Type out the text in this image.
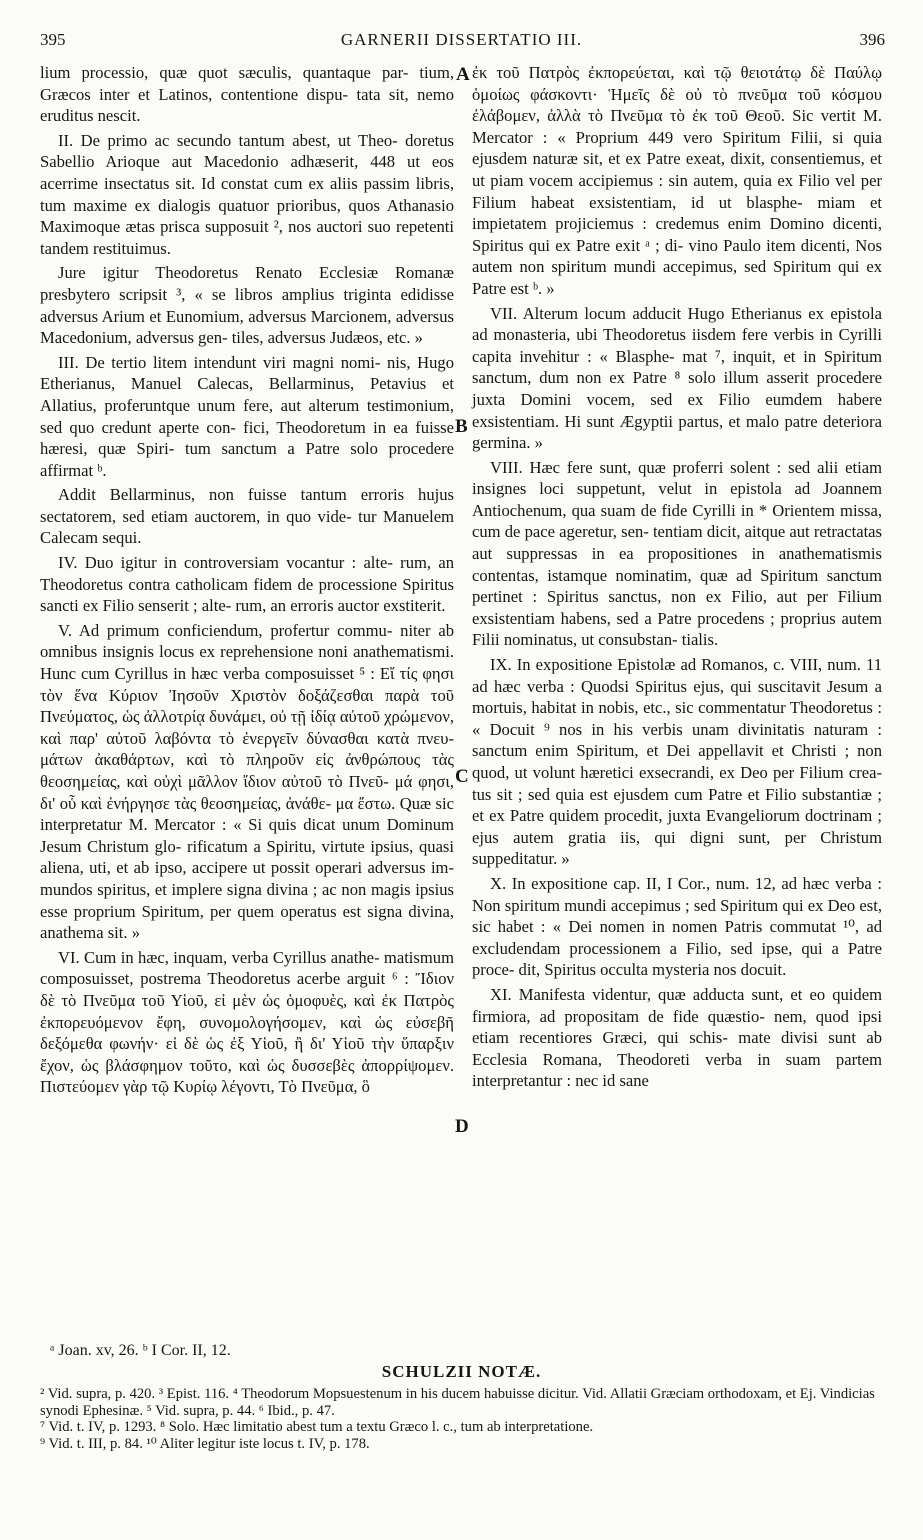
395	GARNERII DISSERTATIO III.	396
A
B
C
D

lium processio, quæ quot sæculis, quantaque par- tium, Græcos inter et Latinos, contentione dispu- tata sit, nemo eruditus nescit.

II. De primo ac secundo tantum abest, ut Theo- doretus Sabellio Arioque aut Macedonio adhæserit, 448 ut eos acerrime insectatus sit. Id constat cum ex aliis passim libris, tum maxime ex dialogis quatuor prioribus, quos Athanasio Maximoque ætas prisca supposuit ², nos auctori suo repetenti tandem restituimus.

Jure igitur Theodoretus Renato Ecclesiæ Romanæ presbytero scripsit ³, « se libros amplius triginta edidisse adversus Arium et Eunomium, adversus Marcionem, adversus Macedonium, adversus gen- tiles, adversus Judæos, etc. »

III. De tertio litem intendunt viri magni nomi- nis, Hugo Etherianus, Manuel Calecas, Bellarminus, Petavius et Allatius, proferuntque unum fere, aut alterum testimonium, sed quo credunt aperte con- fici, Theodoretum in ea fuisse hæresi, quæ Spiri- tum sanctum a Patre solo procedere affirmat ᵇ.

Addit Bellarminus, non fuisse tantum erroris hujus sectatorem, sed etiam auctorem, in quo vide- tur Manuelem Calecam sequi.

IV. Duo igitur in controversiam vocantur : alte- rum, an Theodoretus contra catholicam fidem de processione Spiritus sancti ex Filio senserit ; alte- rum, an erroris auctor exstiterit.

V. Ad primum conficiendum, profertur commu- niter ab omnibus insignis locus ex reprehensione noni anathematismi. Hunc cum Cyrillus in hæc verba composuisset ⁵ : Εἴ τίς φησι τὸν ἕνα Κύριον Ἰησοῦν Χριστὸν δοξάζεσθαι παρὰ τοῦ Πνεύματος, ὡς ἀλλοτρίᾳ δυνάμει, οὐ τῇ ἰδίᾳ αὐτοῦ χρώμενον, καὶ παρ' αὐτοῦ λαβόντα τὸ ἐνεργεῖν δύνασθαι κατὰ πνευ- μάτων ἀκαθάρτων, καὶ τὸ πληροῦν εἰς ἀνθρώπους τὰς θεοσημείας, καὶ οὐχὶ μᾶλλον ἴδιον αὐτοῦ τὸ Πνεῦ- μά φησι, δι' οὗ καὶ ἐνήργησε τὰς θεοσημείας, ἀνάθε- μα ἔστω. Quæ sic interpretatur M. Mercator : « Si quis dicat unum Dominum Jesum Christum glo- rificatum a Spiritu, virtute ipsius, quasi aliena, uti, et ab ipso, accipere ut possit operari adversus im- mundos spiritus, et implere signa divina ; ac non magis ipsius esse proprium Spiritum, per quem operatus est signa divina, anathema sit. »

VI. Cum in hæc, inquam, verba Cyrillus anathe- matismum composuisset, postrema Theodoretus acerbe arguit ⁶ : Ἴδιον δὲ τὸ Πνεῦμα τοῦ Υἱοῦ, εἰ μὲν ὡς ὁμοφυὲς, καὶ ἐκ Πατρὸς ἐκπορευόμενον ἔφη, συνομολογήσομεν, καὶ ὡς εὐσεβῆ δεξόμεθα φωνήν· εἰ δὲ ὡς ἐξ Υἱοῦ, ἢ δι' Υἱοῦ τὴν ὕπαρξιν ἔχον, ὡς βλάσφημον τοῦτο, καὶ ὡς δυσσεβὲς ἀπορρίψομεν. Πιστεύομεν γὰρ τῷ Κυρίῳ λέγοντι, Τὸ Πνεῦμα, ὃ

ἐκ τοῦ Πατρὸς ἐκπορεύεται, καὶ τῷ θειοτάτῳ δὲ Παύλῳ ὁμοίως φάσκοντι· Ἡμεῖς δὲ οὐ τὸ πνεῦμα τοῦ κόσμου ἐλάβομεν, ἀλλὰ τὸ Πνεῦμα τὸ ἐκ τοῦ Θεοῦ. Sic vertit M. Mercator : « Proprium 449 vero Spiritum Filii, si quia ejusdem naturæ sit, et ex Patre exeat, dixit, consentiemus, et ut piam vocem accipiemus : sin autem, quia ex Filio vel per Filium habeat exsistentiam, id ut blasphe- miam et impietatem projiciemus : credemus enim Domino dicenti, Spiritus qui ex Patre exit ᵃ ; di- vino Paulo item dicenti, Nos autem non spiritum mundi accepimus, sed Spiritum qui ex Patre est ᵇ. »

VII. Alterum locum adducit Hugo Etherianus ex epistola ad monasteria, ubi Theodoretus iisdem fere verbis in Cyrilli capita invehitur : « Blasphe- mat ⁷, inquit, et in Spiritum sanctum, dum non ex Patre ⁸ solo illum asserit procedere juxta Domini vocem, sed ex Filio eumdem habere exsistentiam. Hi sunt Ægyptii partus, et malo patre deteriora germina. »

VIII. Hæc fere sunt, quæ proferri solent : sed alii etiam insignes loci suppetunt, velut in epistola ad Joannem Antiochenum, qua suam de fide Cyrilli in * Orientem missa, cum de pace ageretur, sen- tentiam dicit, aitque aut retractatas aut suppressas in ea propositiones in anathematismis contentas, istamque nominatim, quæ ad Spiritum sanctum pertinet : Spiritus sanctus, non ex Filio, aut per Filium exsistentiam habens, sed a Patre procedens ; proprius autem Filii nominatus, ut consubstan- tialis.

IX. In expositione Epistolæ ad Romanos, c. VIII, num. 11 ad hæc verba : Quodsi Spiritus ejus, qui suscitavit Jesum a mortuis, habitat in nobis, etc., sic commentatur Theodoretus : « Docuit ⁹ nos in his verbis unam divinitatis naturam : sanctum enim Spiritum, et Dei appellavit et Christi ; non quod, ut volunt hæretici exsecrandi, ex Deo per Filium crea- tus sit ; sed quia est ejusdem cum Patre et Filio substantiæ ; et ex Patre quidem procedit, juxta Evangeliorum doctrinam ; ejus autem gratia iis, qui digni sunt, per Christum suppeditatur. »

X. In expositione cap. II, I Cor., num. 12, ad hæc verba : Non spiritum mundi accepimus ; sed Spiritum qui ex Deo est, sic habet : « Dei nomen in nomen Patris commutat ¹⁰, ad excludendam processionem a Filio, sed ipse, qui a Patre proce- dit, Spiritus occulta mysteria nos docuit.

XI. Manifesta videntur, quæ adducta sunt, et eo quidem firmiora, ad propositam de fide quæstio- nem, quod ipsi etiam recentiores Græci, qui schis- mate divisi sunt ab Ecclesia Romana, Theodoreti verba in suam partem interpretantur : nec id sane

ᵃ Joan. xv, 26. ᵇ I Cor. II, 12.
SCHULZII NOTÆ.

² Vid. supra, p. 420. ³ Epist. 116. ⁴ Theodorum Mopsuestenum in his ducem habuisse dicitur. Vid. Allatii Græciam orthodoxam, et Ej. Vindicias synodi Ephesinæ. ⁵ Vid. supra, p. 44. ⁶ Ibid., p. 47.

⁷ Vid. t. IV, p. 1293. ⁸ Solo. Hæc limitatio abest tum a textu Græco l. c., tum ab interpretatione.

⁹ Vid. t. III, p. 84. ¹⁰ Aliter legitur iste locus t. IV, p. 178.
